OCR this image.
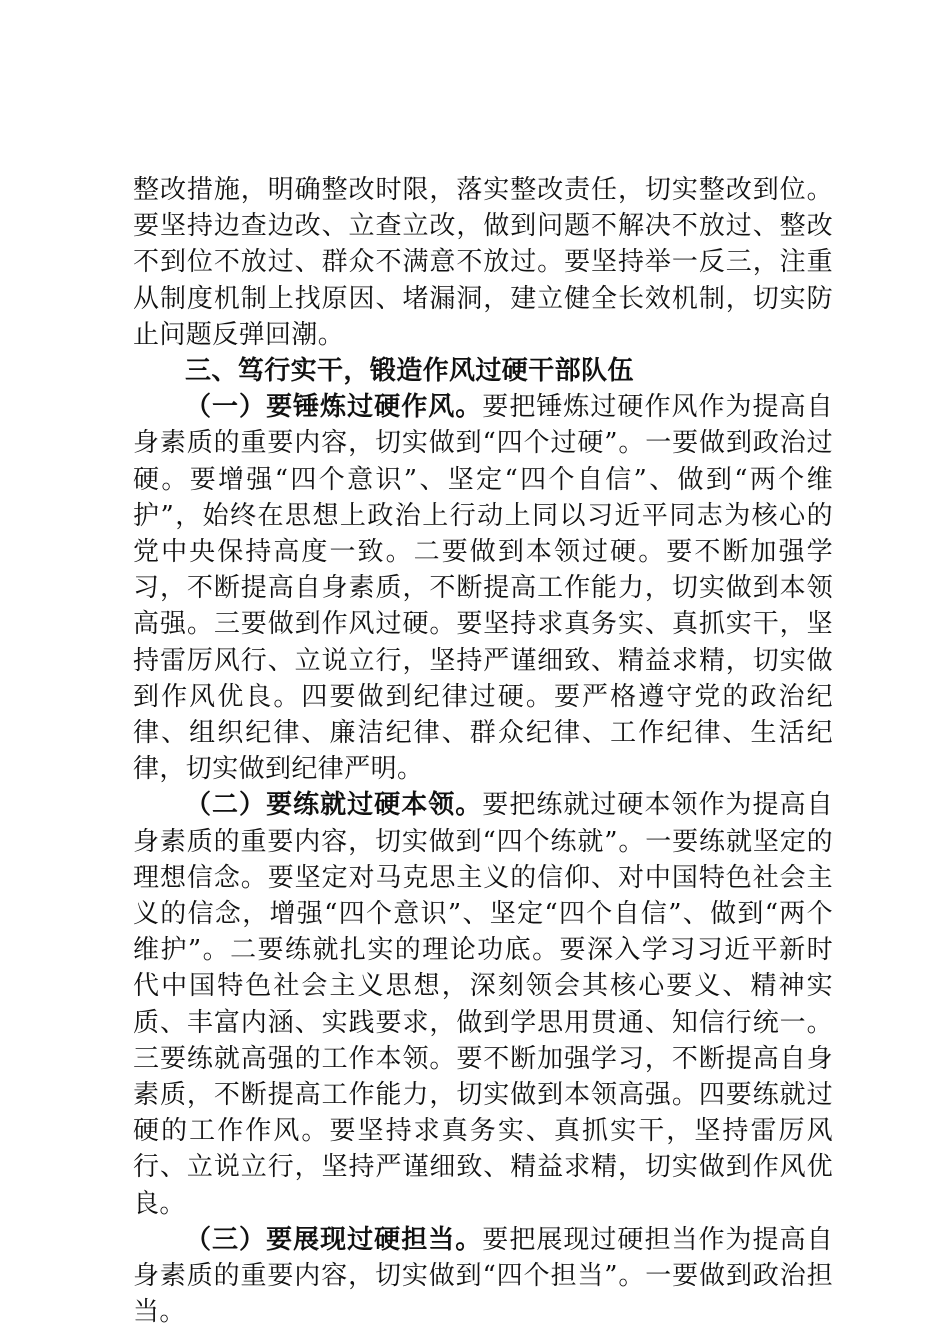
整改措施，明确整改时限，落实整改责任，切实整改到位。要坚持边查边改、立查立改，做到问题不解决不放过、整改不到位不放过、群众不满意不放过。要坚持举一反三，注重从制度机制上找原因、堵漏洞，建立健全长效机制，切实防止问题反弹回潮。

三、笃行实干，锻造作风过硬干部队伍

（一）要锤炼过硬作风。要把锤炼过硬作风作为提高自身素质的重要内容，切实做到“四个过硬”。一要做到政治过硬。要增强“四个意识”、坚定“四个自信”、做到“两个维护”，始终在思想上政治上行动上同以习近平同志为核心的党中央保持高度一致。二要做到本领过硬。要不断加强学习，不断提高自身素质，不断提高工作能力，切实做到本领高强。三要做到作风过硬。要坚持求真务实、真抓实干，坚持雷厉风行、立说立行，坚持严谨细致、精益求精，切实做到作风优良。四要做到纪律过硬。要严格遵守党的政治纪律、组织纪律、廉洁纪律、群众纪律、工作纪律、生活纪律，切实做到纪律严明。

（二）要练就过硬本领。要把练就过硬本领作为提高自身素质的重要内容，切实做到“四个练就”。一要练就坚定的理想信念。要坚定对马克思主义的信仰、对中国特色社会主义的信念，增强“四个意识”、坚定“四个自信”、做到“两个维护”。二要练就扎实的理论功底。要深入学习习近平新时代中国特色社会主义思想，深刻领会其核心要义、精神实质、丰富内涵、实践要求，做到学思用贯通、知信行统一。三要练就高强的工作本领。要不断加强学习，不断提高自身素质，不断提高工作能力，切实做到本领高强。四要练就过硬的工作作风。要坚持求真务实、真抓实干，坚持雷厉风行、立说立行，坚持严谨细致、精益求精，切实做到作风优良。

（三）要展现过硬担当。要把展现过硬担当作为提高自身素质的重要内容，切实做到“四个担当”。一要做到政治担当。
